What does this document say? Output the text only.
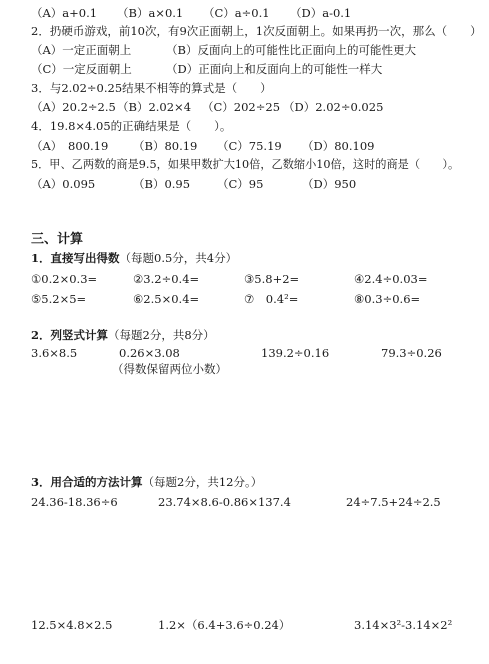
（A）a+0.1 （B）a×0.1 （C）a÷0.1 （D）a-0.1
2．扔硬币游戏，前10次，有9次正面朝上，1次反面朝上。如果再扔一次，那么（　　）
（A）一定正面朝上	（B）反面向上的可能性比正面向上的可能性更大
（C）一定反面朝上	（D）正面向上和反面向上的可能性一样大
3．与2.02÷0.25结果不相等的算式是（　　）
（A）20.2÷2.5 （B）2.02×4 （C）202÷25 （D）2.02÷0.025
4．19.8×4.05的正确结果是（　　）。
（A）　800.19 （B）80.19 （C）75.19 （D）80.109
5．甲、乙两数的商是9.5，如果甲数扩大10倍，乙数缩小10倍，这时的商是（　　）。
（A）0.095	（B）0.95 （C）95	（D）950
三、计算
1．直接写出得数（每题0.5分，共4分）
①0.2×0.3=	②3.2÷0.4=	③5.8+2=	④2.4÷0.03=
⑤5.2×5=	⑥2.5×0.4=	⑦　0.4²=	⑧0.3÷0.6=
2．列竖式计算（每题2分，共8分）
3.6×8.5	0.26×3.08	139.2÷0.16	79.3÷0.26
（得数保留两位小数）
3．用合适的方法计算（每题2分，共12分。）
24.36-18.36÷6	23.74×8.6-0.86×137.4	24÷7.5+24÷2.5
12.5×4.8×2.5	1.2×（6.4+3.6÷0.24）	3.14×3²-3.14×2²
